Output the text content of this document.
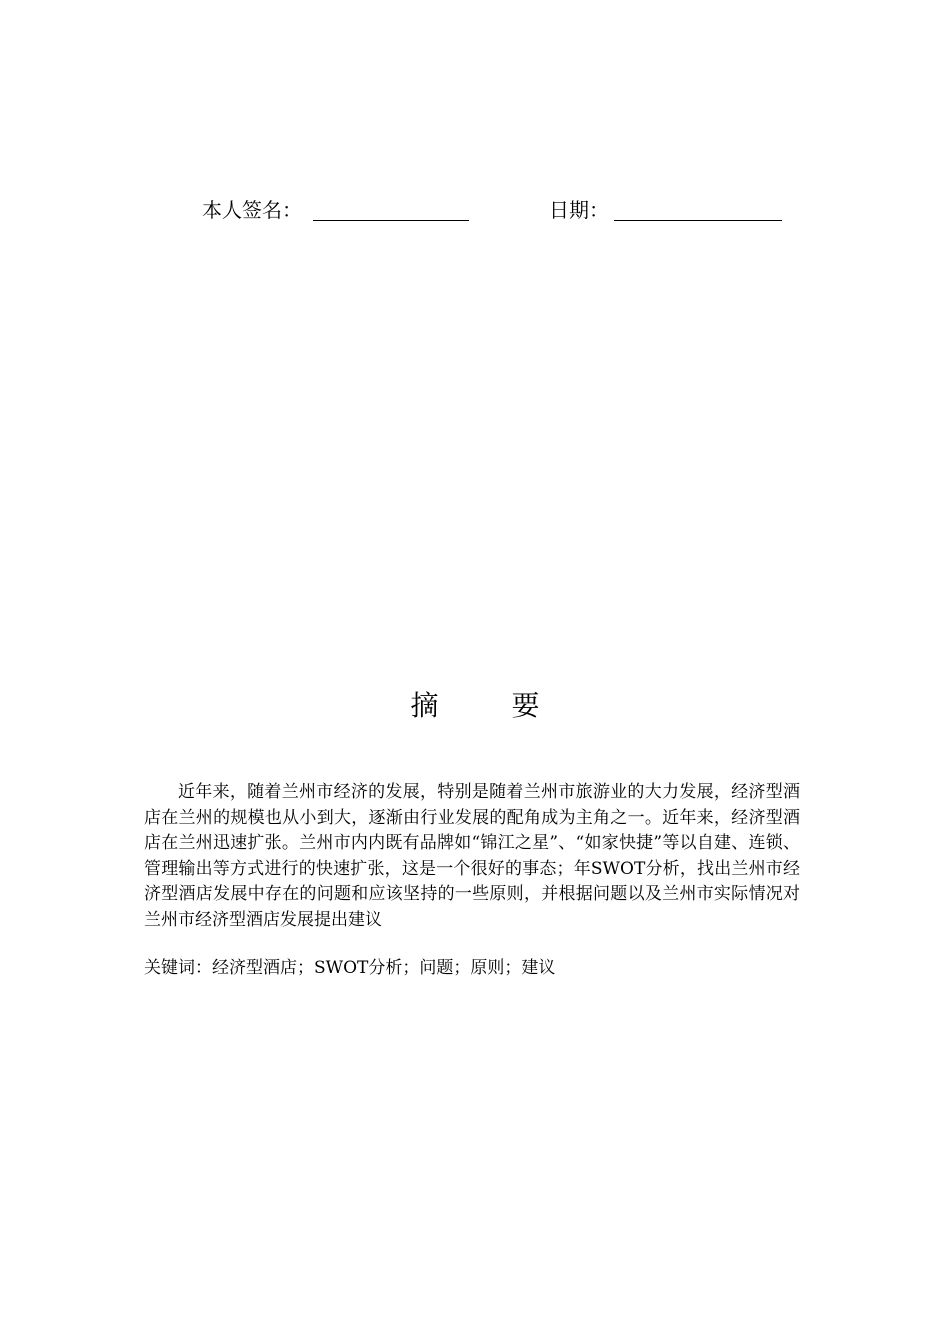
本人签名：	日期：
摘 要
近年来，随着兰州市经济的发展，特别是随着兰州市旅游业的大力发展，经济型酒店在兰州的规模也从小到大，逐渐由行业发展的配角成为主角之一。近年来，经济型酒店在兰州迅速扩张。兰州市内内既有品牌如“锦江之星”、“如家快捷”等以自建、连锁、管理输出等方式进行的快速扩张，这是一个很好的事态；年SWOT分析，找出兰州市经济型酒店发展中存在的问题和应该坚持的一些原则，并根据问题以及兰州市实际情况对兰州市经济型酒店发展提出建议
关键词：经济型酒店；SWOT分析；问题；原则；建议
